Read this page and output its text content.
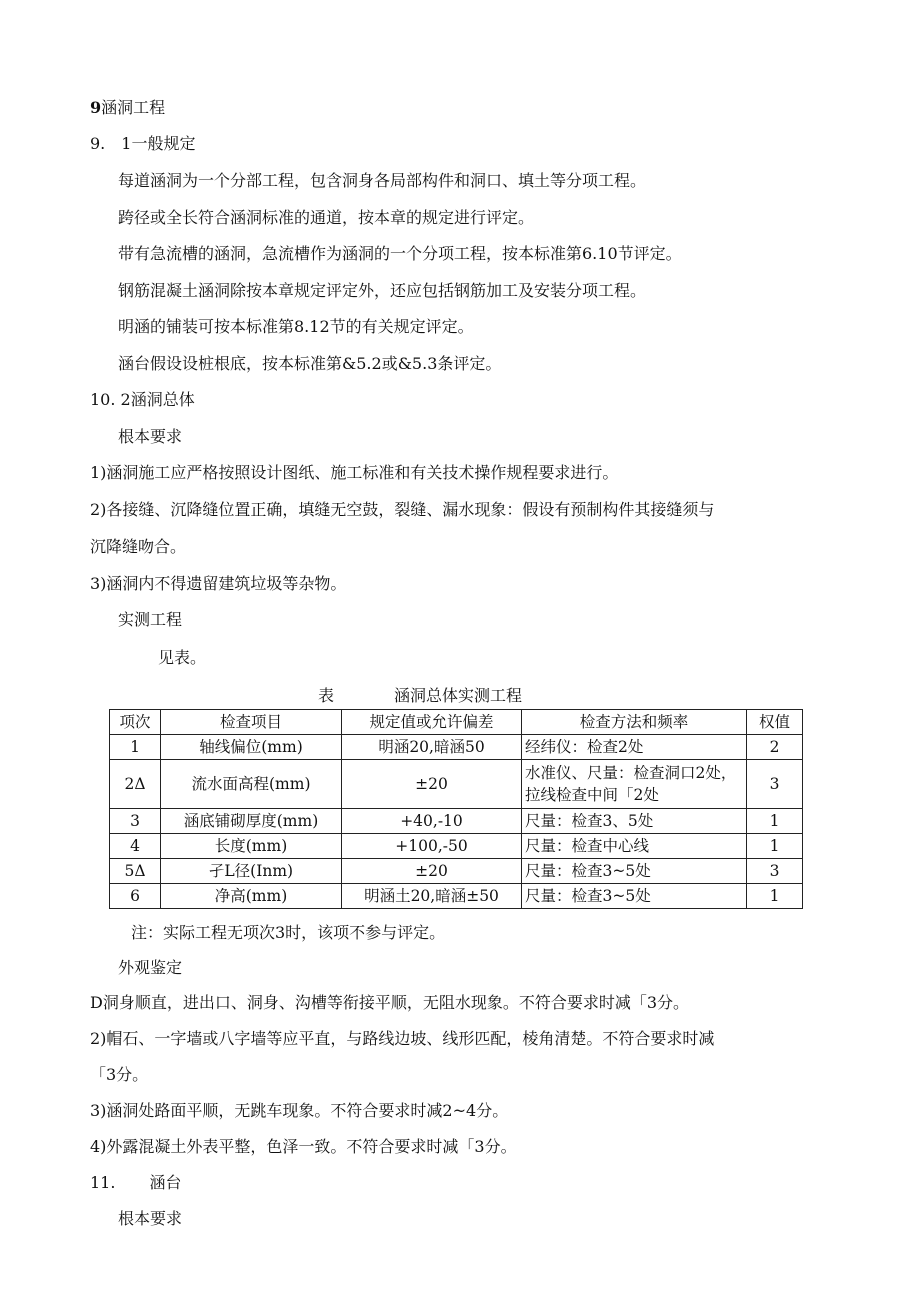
9涵洞工程
9.　1一般规定
每道涵洞为一个分部工程，包含洞身各局部构件和洞口、填土等分项工程。
跨径或全长符合涵洞标准的通道，按本章的规定进行评定。
带有急流槽的涵洞，急流槽作为涵洞的一个分项工程，按本标准第6.10节评定。
钢筋混凝土涵洞除按本章规定评定外，还应包括钢筋加工及安装分项工程。
明涵的铺装可按本标准第8.12节的有关规定评定。
涵台假设设桩根底，按本标准第&5.2或&5.3条评定。
10. 2涵洞总体
根本要求
1)涵洞施工应严格按照设计图纸、施工标准和有关技术操作规程要求进行。
2)各接缝、沉降缝位置正确，填缝无空鼓，裂缝、漏水现象：假设有预制构件其接缝须与
沉降缝吻合。
3)涵洞内不得遗留建筑垃圾等杂物。
实测工程
见表。
表	涵洞总体实测工程
项次	检查项目	规定值或允许偏差	检查方法和频率	权值
1	轴线偏位(mm)	明涵20,暗涵50	经纬仪：检查2处	2
2Δ	流水面高程(mm)	±20	水准仪、尺量：检查洞口2处，拉线检查中间「2处	3
3	涵底铺砌厚度(mm)	+40,-10	尺量：检查3、5处	1
4	长度(mm)	+100,-50	尺量：检查中心线	1
5Δ	孑L径(Inm)	±20	尺量：检查3~5处	3
6	净高(mm)	明涵土20,暗涵±50	尺量：检查3~5处	1
注：实际工程无项次3时，该项不参与评定。
外观鉴定
D洞身顺直，进出口、洞身、沟槽等衔接平顺，无阻水现象。不符合要求时减「3分。
2)帽石、一字墙或八字墙等应平直，与路线边坡、线形匹配，棱角清楚。不符合要求时减
「3分。
3)涵洞处路面平顺，无跳车现象。不符合要求时减2~4分。
4)外露混凝土外表平整，色泽一致。不符合要求时减「3分。
11. 涵台
根本要求
